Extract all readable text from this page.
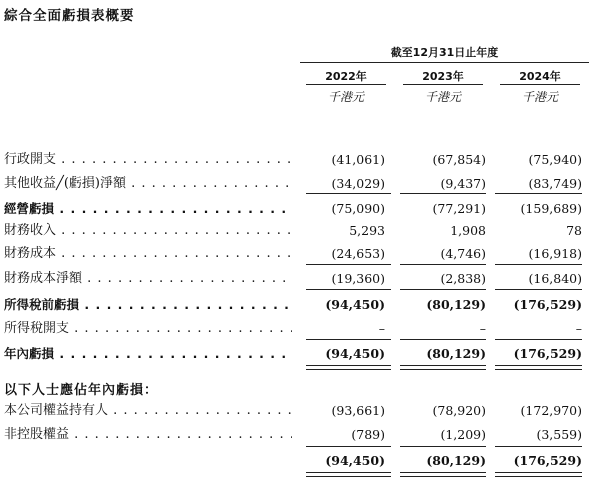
綜合全面虧損表概要
截至12月31日止年度
2022年	2023年	2024年
千港元	千港元	千港元
行政開支 . . .	(41,061)	(67,854)	(75,940)
其他收益╱(虧損)淨額 . . .	(34,029)	(9,437)	(83,749)
經營虧損 . . .	(75,090)	(77,291)	(159,689)
財務收入 . . .	5,293	1,908	78
財務成本 . . .	(24,653)	(4,746)	(16,918)
財務成本淨額 . . .	(19,360)	(2,838)	(16,840)
所得稅前虧損 . . .	(94,450)	(80,129)	(176,529)
所得稅開支 . . .	–	–	–
年內虧損 . . .	(94,450)	(80,129)	(176,529)
以下人士應佔年內虧損：
本公司權益持有人 . . .	(93,661)	(78,920)	(172,970)
非控股權益 . . .	(789)	(1,209)	(3,559)
(94,450)	(80,129)	(176,529)
